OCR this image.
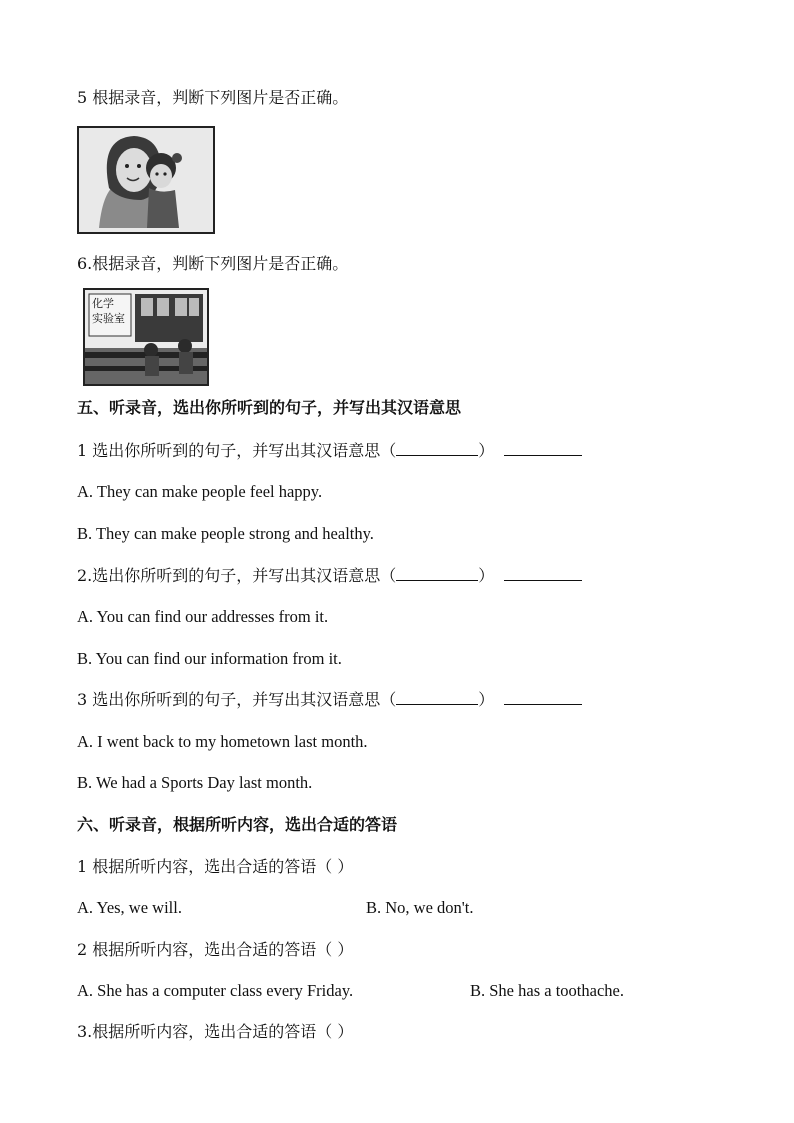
5 根据录音，判断下列图片是否正确。
6.根据录音，判断下列图片是否正确。
化学
实验室
五、听录音，选出你所听到的句子，并写出其汉语意思
1 选出你所听到的句子，并写出其汉语意思（	）
A. They can make people feel happy.
B. They can make people strong and healthy.
2.选出你所听到的句子，并写出其汉语意思（	）
A. You can find our addresses from it.
B. You can find our information from it.
3 选出你所听到的句子，并写出其汉语意思（	）
A. I went back to my hometown last month.
B. We had a Sports Day last month.
六、听录音，根据所听内容，选出合适的答语
1 根据所听内容，选出合适的答语（ ）
A. Yes, we will.	B. No, we don't.
2 根据所听内容，选出合适的答语（ ）
A. She has a computer class every Friday.	B. She has a toothache.
3.根据所听内容，选出合适的答语（ ）
